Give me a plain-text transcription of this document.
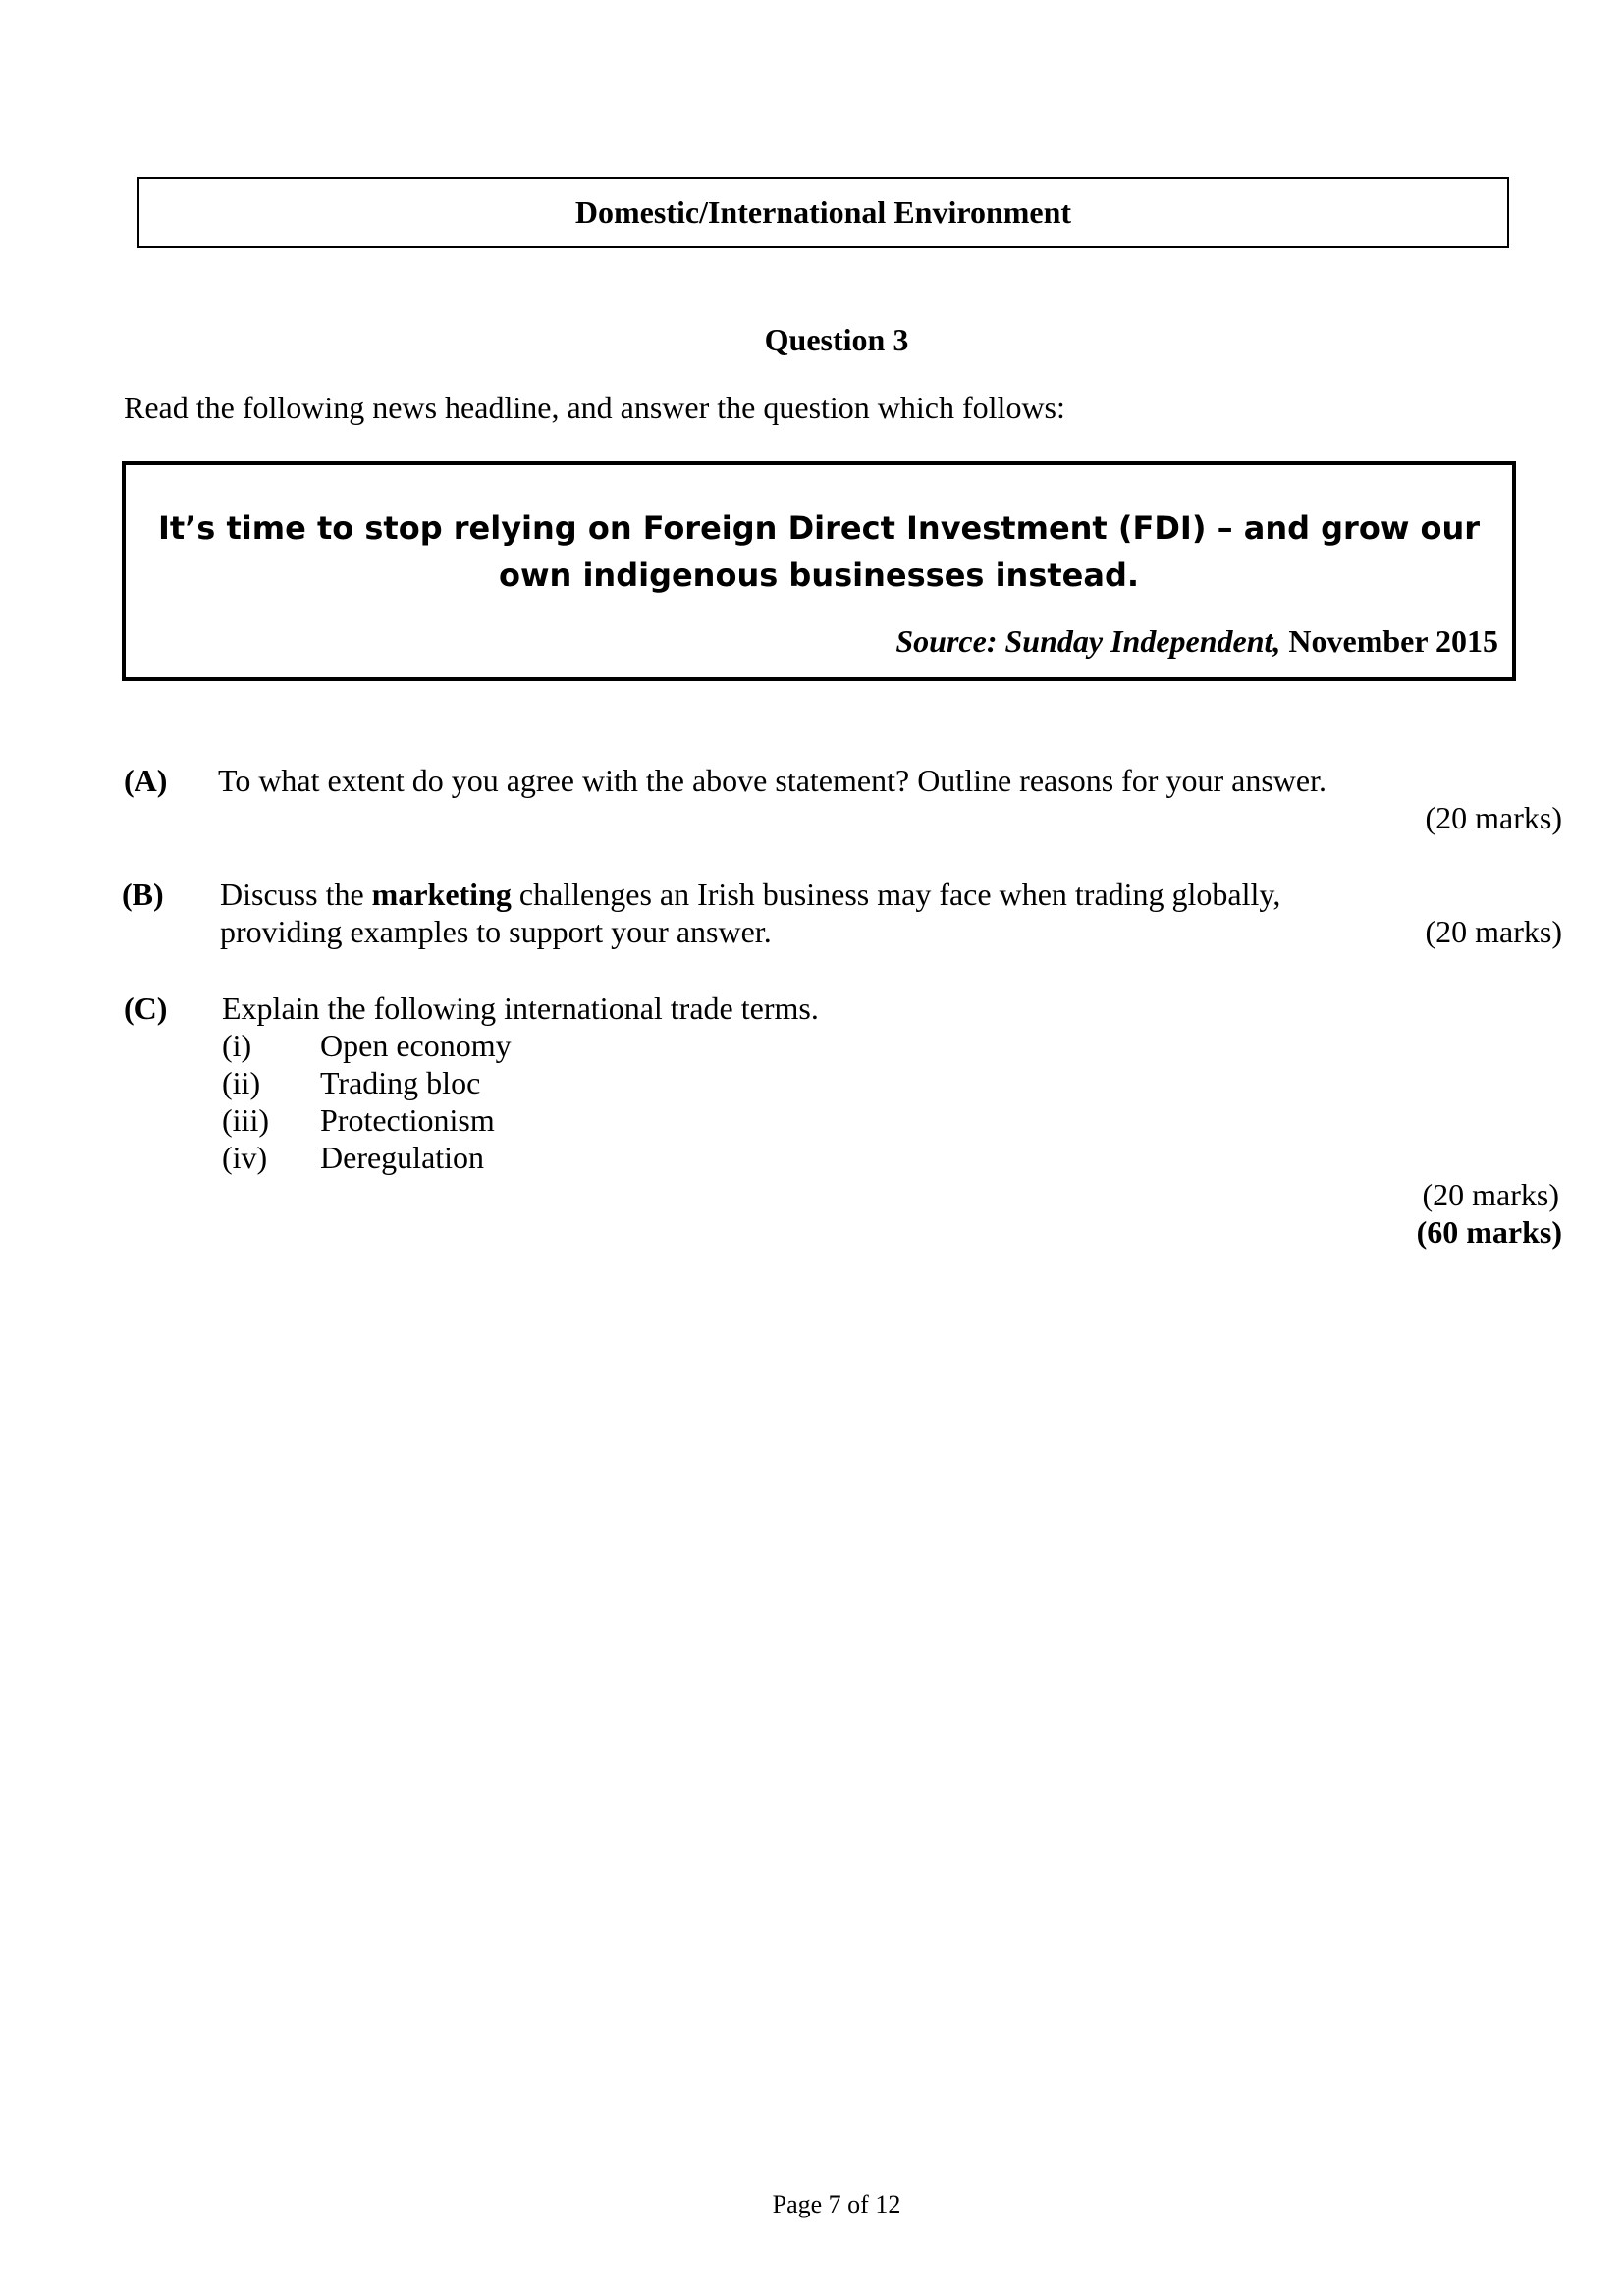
Domestic/International Environment
Question 3
Read the following news headline, and answer the question which follows:
It’s time to stop relying on Foreign Direct Investment (FDI) – and grow our
own indigenous businesses instead.
Source: Sunday Independent, November 2015
(A) To what extent do you agree with the above statement? Outline reasons for your answer.
(20 marks)
(B) Discuss the marketing challenges an Irish business may face when trading globally,
providing examples to support your answer.	(20 marks)
(C) Explain the following international trade terms.
(i) Open economy
(ii) Trading bloc
(iii) Protectionism
(iv) Deregulation
(20 marks)
(60 marks)
Page 7 of 12
